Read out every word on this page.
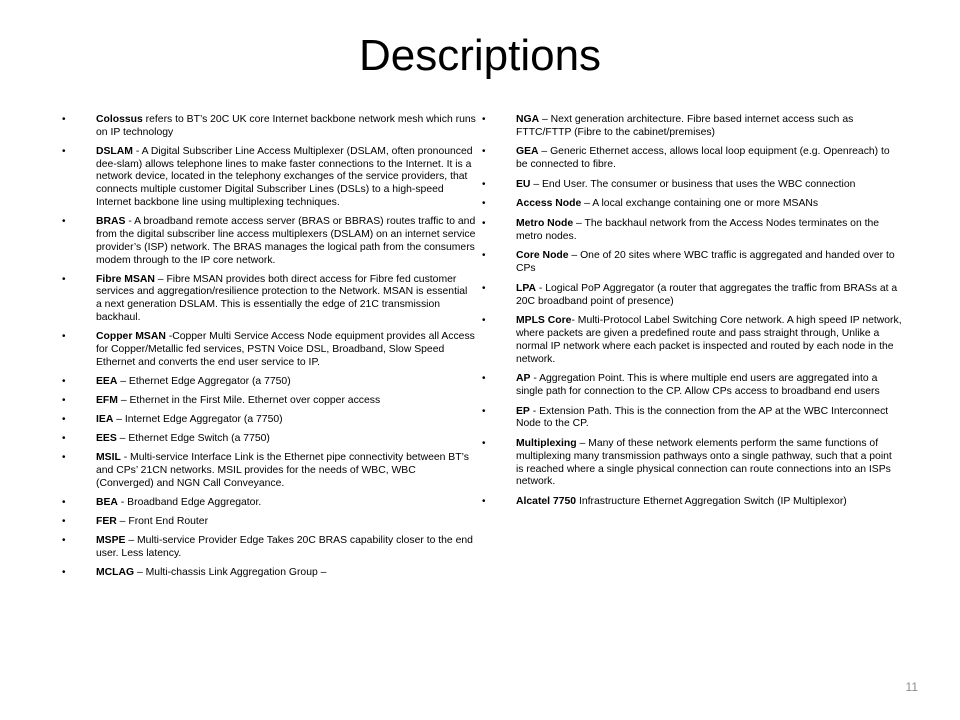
Descriptions
• Colossus refers to BT’s 20C UK core Internet backbone network mesh which runs on IP technology
• DSLAM - A Digital Subscriber Line Access Multiplexer (DSLAM, often pronounced dee-slam) allows telephone lines to make faster connections to the Internet. It is a network device, located in the telephony exchanges of the service providers, that connects multiple customer Digital Subscriber Lines (DSLs) to a high-speed Internet backbone line using multiplexing techniques.
• BRAS - A broadband remote access server (BRAS or BBRAS) routes traffic to and from the digital subscriber line access multiplexers (DSLAM) on an internet service provider’s (ISP) network. The BRAS manages the logical path from the consumers modem through to the IP core network.
• Fibre MSAN – Fibre MSAN provides both direct access for Fibre fed customer services and aggregation/resilience protection to the Network. MSAN is essential a next generation DSLAM. This is essentially the edge of 21C transmission backhaul.
• Copper MSAN -Copper Multi Service Access Node equipment provides all Access for Copper/Metallic fed services, PSTN Voice DSL, Broadband, Slow Speed Ethernet and converts the end user service to IP.
• EEA – Ethernet Edge Aggregator (a 7750)
• EFM – Ethernet in the First Mile. Ethernet over copper access
• IEA – Internet Edge Aggregator (a 7750)
• EES – Ethernet Edge Switch (a 7750)
• MSIL - Multi-service Interface Link is the Ethernet pipe connectivity between BT’s and CPs’ 21CN networks. MSIL provides for the needs of WBC, WBC (Converged) and NGN Call Conveyance.
• BEA - Broadband Edge Aggregator.
• FER – Front End Router
• MSPE – Multi-service Provider Edge Takes 20C BRAS capability closer to the end user. Less latency.
• MCLAG – Multi-chassis Link Aggregation Group –
• NGA – Next generation architecture. Fibre based internet access such as FTTC/FTTP (Fibre to the cabinet/premises)
• GEA – Generic Ethernet access, allows local loop equipment (e.g. Openreach) to be connected to fibre.
• EU – End User. The consumer or business that uses the WBC connection
• Access Node – A local exchange containing one or more MSANs
• Metro Node – The backhaul network from the Access Nodes terminates on the metro nodes.
• Core Node – One of 20 sites where WBC traffic is aggregated and handed over to CPs
• LPA - Logical PoP Aggregator (a router that aggregates the traffic from BRASs at a 20C broadband point of presence)
• MPLS Core- Multi-Protocol Label Switching Core network. A high speed IP network, where packets are given a predefined route and pass straight through, Unlike a normal IP network where each packet is inspected and routed by each node in the network.
• AP - Aggregation Point. This is where multiple end users are aggregated into a single path for connection to the CP. Allow CPs access to broadband end users
• EP - Extension Path. This is the connection from the AP at the WBC Interconnect Node to the CP.
• Multiplexing – Many of these network elements perform the same functions of multiplexing many transmission pathways onto a single pathway, such that a point is reached where a single physical connection can route connections into an ISPs network.
• Alcatel 7750 Infrastructure Ethernet Aggregation Switch (IP Multiplexor)
11
